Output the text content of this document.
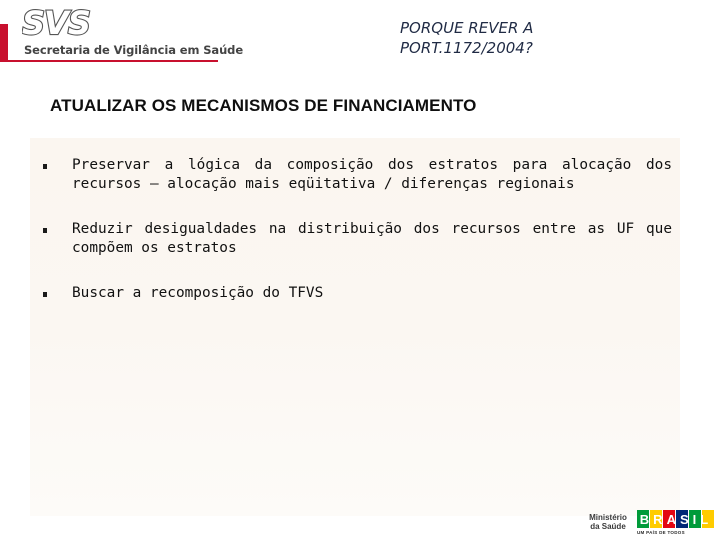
SVS
Secretaria de Vigilância em Saúde
PORQUE REVER A
PORT.1172/2004?
ATUALIZAR OS MECANISMOS DE FINANCIAMENTO
Preservar a lógica da composição dos estratos para alocação dos recursos – alocação mais eqüitativa / diferenças regionais
Reduzir desigualdades na distribuição dos recursos entre as UF que compõem os estratos
Buscar a recomposição do TFVS
Ministério
da Saúde	BRASIL
UM PAÍS DE TODOS
